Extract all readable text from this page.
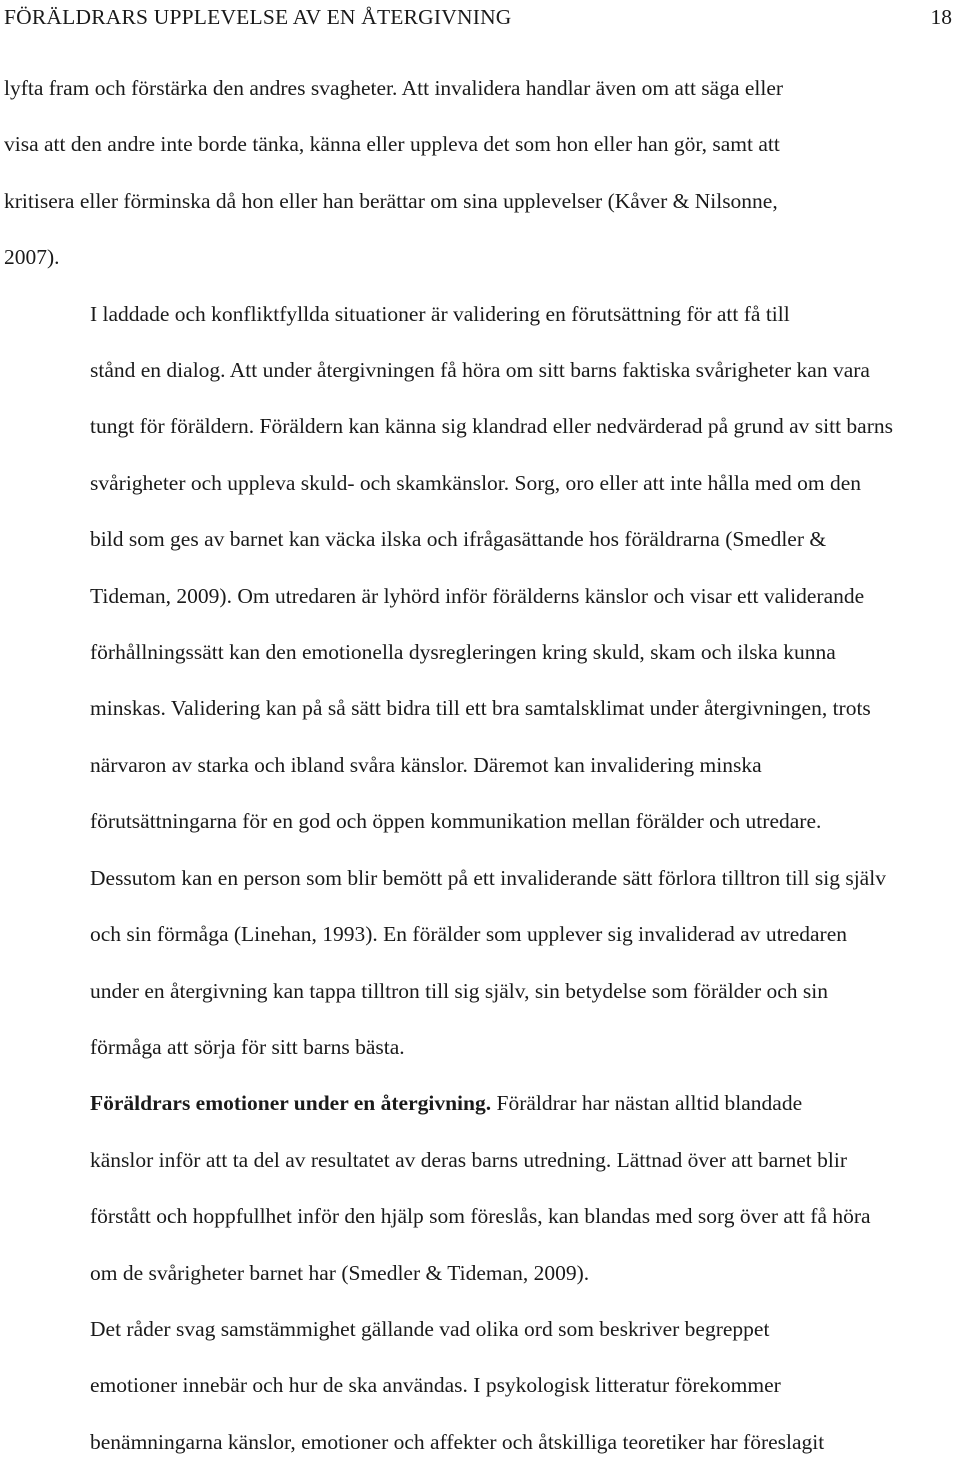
FÖRÄLDRARS UPPLEVELSE AV EN ÅTERGIVNING	18

lyfta fram och förstärka den andres svagheter. Att invalidera handlar även om att säga eller
visa att den andre inte borde tänka, känna eller uppleva det som hon eller han gör, samt att
kritisera eller förminska då hon eller han berättar om sina upplevelser (Kåver & Nilsonne,
2007).

I laddade och konfliktfyllda situationer är validering en förutsättning för att få till
stånd en dialog. Att under återgivningen få höra om sitt barns faktiska svårigheter kan vara
tungt för föräldern. Föräldern kan känna sig klandrad eller nedvärderad på grund av sitt barns
svårigheter och uppleva skuld- och skamkänslor. Sorg, oro eller att inte hålla med om den
bild som ges av barnet kan väcka ilska och ifrågasättande hos föräldrarna (Smedler &
Tideman, 2009). Om utredaren är lyhörd inför förälderns känslor och visar ett validerande
förhållningssätt kan den emotionella dysregleringen kring skuld, skam och ilska kunna
minskas. Validering kan på så sätt bidra till ett bra samtalsklimat under återgivningen, trots
närvaron av starka och ibland svåra känslor. Däremot kan invalidering minska
förutsättningarna för en god och öppen kommunikation mellan förälder och utredare.
Dessutom kan en person som blir bemött på ett invaliderande sätt förlora tilltron till sig själv
och sin förmåga (Linehan, 1993). En förälder som upplever sig invaliderad av utredaren
under en återgivning kan tappa tilltron till sig själv, sin betydelse som förälder och sin
förmåga att sörja för sitt barns bästa.

Föräldrars emotioner under en återgivning. Föräldrar har nästan alltid blandade
känslor inför att ta del av resultatet av deras barns utredning. Lättnad över att barnet blir
förstått och hoppfullhet inför den hjälp som föreslås, kan blandas med sorg över att få höra
om de svårigheter barnet har (Smedler & Tideman, 2009).

Det råder svag samstämmighet gällande vad olika ord som beskriver begreppet
emotioner innebär och hur de ska användas. I psykologisk litteratur förekommer
benämningarna känslor, emotioner och affekter och åtskilliga teoretiker har föreslagit
